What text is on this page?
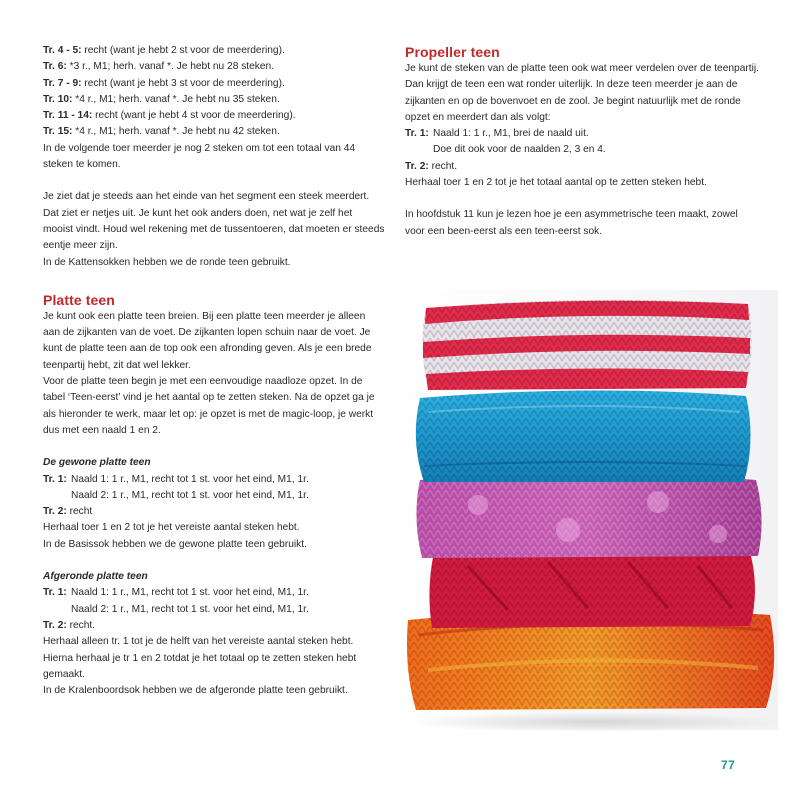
Tr. 4 - 5: recht (want je hebt 2 st voor de meerdering).

Tr. 6: *3 r., M1; herh. vanaf *. Je hebt nu 28 steken.

Tr. 7 - 9: recht (want je hebt 3 st voor de meerdering).

Tr. 10: *4 r., M1; herh. vanaf *. Je hebt nu 35 steken.

Tr. 11 - 14: recht (want je hebt 4 st voor de meerdering).

Tr. 15: *4 r., M1; herh. vanaf *. Je hebt nu 42 steken.

In de volgende toer meerder je nog 2 steken om tot een totaal van 44 steken te komen.

Je ziet dat je steeds aan het einde van het segment een steek meerdert. Dat ziet er netjes uit. Je kunt het ook anders doen, net wat je zelf het mooist vindt. Houd wel rekening met de tussentoeren, dat moeten er steeds eentje meer zijn.

In de Kattensokken hebben we de ronde teen gebruikt.

Platte teen

Je kunt ook een platte teen breien. Bij een platte teen meerder je alleen aan de zijkanten van de voet. De zijkanten lopen schuin naar de voet. Je kunt de platte teen aan de top ook een afronding geven. Als je een brede teenpartij hebt, zit dat wel lekker.

Voor de platte teen begin je met een eenvoudige naadloze opzet. In de tabel ‘Teen-eerst’ vind je het aantal op te zetten steken. Na de opzet ga je als hieronder te werk, maar let op: je opzet is met de magic-loop, je werkt dus met een naald 1 en 2.

De gewone platte teen
Tr. 1: Naald 1: 1 r., M1, recht tot 1 st. voor het eind, M1, 1r.

Naald 2: 1 r., M1, recht tot 1 st. voor het eind, M1, 1r.

Tr. 2: recht

Herhaal toer 1 en 2 tot je het vereiste aantal steken hebt.

In de Basissok hebben we de gewone platte teen gebruikt.

Afgeronde platte teen
Tr. 1: Naald 1: 1 r., M1, recht tot 1 st. voor het eind, M1, 1r.

Naald 2: 1 r., M1, recht tot 1 st. voor het eind, M1, 1r.

Tr. 2: recht.

Herhaal alleen tr. 1 tot je de helft van het vereiste aantal steken hebt. Hierna herhaal je tr 1 en 2 totdat je het totaal op te zetten steken hebt gemaakt.

In de Kralenboordsok hebben we de afgeronde platte teen gebruikt.

Propeller teen

Je kunt de steken van de platte teen ook wat meer verdelen over de teenpartij. Dan krijgt de teen een wat ronder uiterlijk. In deze teen meerder je aan de zijkanten en op de bovenvoet en de zool. Je begint natuurlijk met de ronde opzet en meerdert dan als volgt:

Tr. 1: Naald 1: 1 r., M1, brei de naald uit.

Doe dit ook voor de naalden 2, 3 en 4.

Tr. 2: recht.

Herhaal toer 1 en 2 tot je het totaal aantal op te zetten steken hebt.

In hoofdstuk 11 kun je lezen hoe je een asymmetrische teen maakt, zowel voor een been-eerst als een teen-eerst sok.

77
